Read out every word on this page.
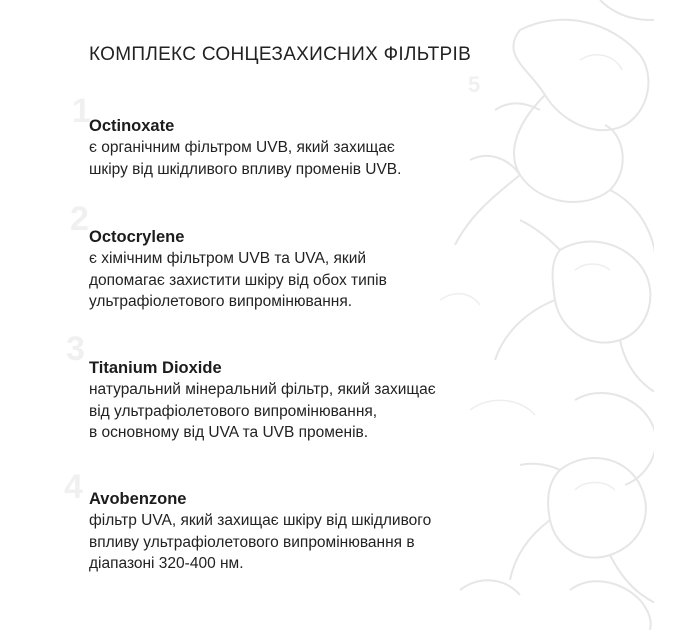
КОМПЛЕКС СОНЦЕЗАХИСНИХ ФІЛЬТРІВ
1
2
3
4
5

Octinoxate

є органічним фільтром UVB, який захищає
шкіру від шкідливого впливу променів UVB.

Octocrylene

є хімічним фільтром UVB та UVA, який
допомагає захистити шкіру від обох типів
ультрафіолетового випромінювання.

Titanium Dioxide

натуральний мінеральний фільтр, який захищає
від ультрафіолетового випромінювання,
в основному від UVA та UVB променів.

Avobenzone

фільтр UVA, який захищає шкіру від шкідливого
впливу ультрафіолетового випромінювання в
діапазоні 320-400 нм.
